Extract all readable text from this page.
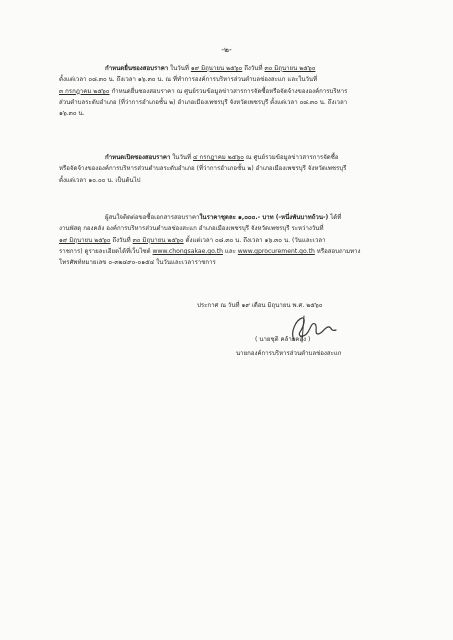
-๒-
กำหนดยื่นซองสอบราคา ในวันที่ ๑๙ มิถุนายน ๒๕๖๐ ถึงวันที่ ๓๐ มิถุนายน ๒๕๖๐
ตั้งแต่เวลา ๐๘.๓๐ น. ถึงเวลา ๑๖.๓๐ น. ณ ที่ทำการองค์การบริหารส่วนตำบลช่องสะแก และในวันที่
๓ กรกฎาคม ๒๕๖๐ กำหนดยื่นซองสอบราคา ณ ศูนย์รวมข้อมูลข่าวสารการจัดซื้อหรือจัดจ้างขององค์การบริหาร
ส่วนตำบลระดับอำเภอ (ที่ว่าการอำเภอชั้น ๒) อำเภอเมืองเพชรบุรี จังหวัดเพชรบุรี ตั้งแต่เวลา ๐๘.๓๐ น. ถึงเวลา
๑๖.๓๐ น.
กำหนดเปิดซองสอบราคา ในวันที่ ๔ กรกฎาคม ๒๕๖๐ ณ ศูนย์รวมข้อมูลข่าวสารการจัดซื้อ
หรือจัดจ้างขององค์การบริหารส่วนตำบลระดับอำเภอ (ที่ว่าการอำเภอชั้น ๒) อำเภอเมืองเพชรบุรี จังหวัดเพชรบุรี
ตั้งแต่เวลา ๑๐.๐๐ น. เป็นต้นไป
ผู้สนใจติดต่อขอซื้อเอกสารสอบราคาในราคาชุดละ ๑,๐๐๐.- บาท (-หนึ่งพันบาทถ้วน-) ได้ที่
งานพัสดุ กองคลัง องค์การบริหารส่วนตำบลช่องสะแก อำเภอเมืองเพชรบุรี จังหวัดเพชรบุรี ระหว่างวันที่
๑๙ มิถุนายน ๒๕๖๐ ถึงวันที่ ๓๐ มิถุนายน ๒๕๖๐ ตั้งแต่เวลา ๐๘.๓๐ น. ถึงเวลา ๑๖.๓๐ น. (วันและเวลา
ราชการ) ดูรายละเอียดได้ที่เว็บไซต์ www.chongsakae.go.th และ www.gprocurement.go.th หรือสอบถามทาง
โทรศัพท์หมายเลข ๐-๓๒๔๙๐-๐๑๕๔ ในวันและเวลาราชการ
ประกาศ ณ วันที่ ๑๙ เดือน มิถุนายน พ.ศ. ๒๕๖๐
( นายชุติ คล้ายคลึง )
นายกองค์การบริหารส่วนตำบลช่องสะแก
